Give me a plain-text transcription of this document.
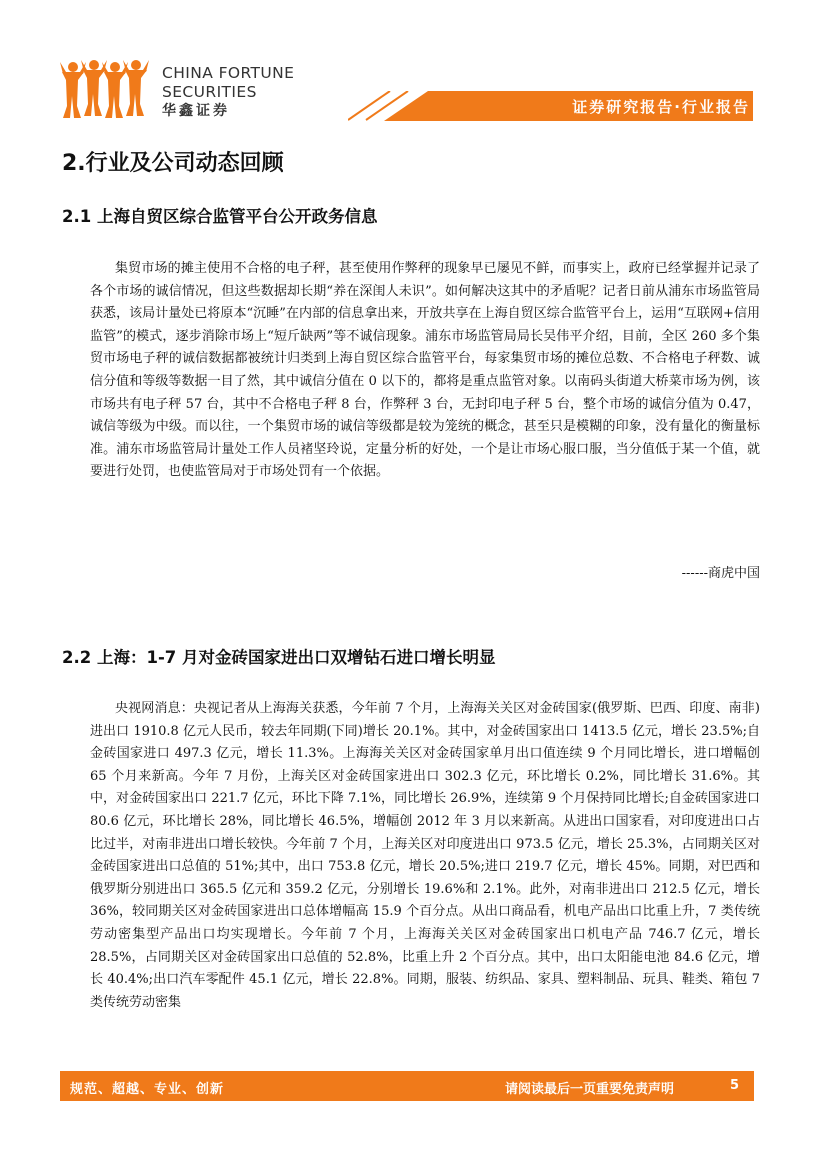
CHINA FORTUNE
SECURITIES
华鑫证券	证券研究报告·行业报告
2.行业及公司动态回顾
2.1 上海自贸区综合监管平台公开政务信息
集贸市场的摊主使用不合格的电子秤，甚至使用作弊秤的现象早已屡见不鲜，而事实上，政府已经掌握并记录了各个市场的诚信情况，但这些数据却长期“养在深闺人未识”。如何解决这其中的矛盾呢？记者日前从浦东市场监管局获悉，该局计量处已将原本“沉睡”在内部的信息拿出来，开放共享在上海自贸区综合监管平台上，运用“互联网+信用监管”的模式，逐步消除市场上“短斤缺两”等不诚信现象。浦东市场监管局局长吴伟平介绍，目前，全区 260 多个集贸市场电子秤的诚信数据都被统计归类到上海自贸区综合监管平台，每家集贸市场的摊位总数、不合格电子秤数、诚信分值和等级等数据一目了然，其中诚信分值在 0 以下的，都将是重点监管对象。以南码头街道大桥菜市场为例，该市场共有电子秤 57 台，其中不合格电子秤 8 台，作弊秤 3 台，无封印电子秤 5 台，整个市场的诚信分值为 0.47，诚信等级为中级。而以往，一个集贸市场的诚信等级都是较为笼统的概念，甚至只是模糊的印象，没有量化的衡量标准。浦东市场监管局计量处工作人员褚坚玲说，定量分析的好处，一个是让市场心服口服，当分值低于某一个值，就要进行处罚，也使监管局对于市场处罚有一个依据。
------商虎中国
2.2 上海：1-7 月对金砖国家进出口双增钻石进口增长明显
央视网消息：央视记者从上海海关获悉，今年前 7 个月，上海海关关区对金砖国家(俄罗斯、巴西、印度、南非)进出口 1910.8 亿元人民币，较去年同期(下同)增长 20.1%。其中，对金砖国家出口 1413.5 亿元，增长 23.5%;自金砖国家进口 497.3 亿元，增长 11.3%。上海海关关区对金砖国家单月出口值连续 9 个月同比增长，进口增幅创 65 个月来新高。今年 7 月份，上海关区对金砖国家进出口 302.3 亿元，环比增长 0.2%，同比增长 31.6%。其中，对金砖国家出口 221.7 亿元，环比下降 7.1%，同比增长 26.9%，连续第 9 个月保持同比增长;自金砖国家进口 80.6 亿元，环比增长 28%，同比增长 46.5%，增幅创 2012 年 3 月以来新高。从进出口国家看，对印度进出口占比过半，对南非进出口增长较快。今年前 7 个月，上海关区对印度进出口 973.5 亿元，增长 25.3%，占同期关区对金砖国家进出口总值的 51%;其中，出口 753.8 亿元，增长 20.5%;进口 219.7 亿元，增长 45%。同期，对巴西和俄罗斯分别进出口 365.5 亿元和 359.2 亿元，分别增长 19.6%和 2.1%。此外，对南非进出口 212.5 亿元，增长 36%，较同期关区对金砖国家进出口总体增幅高 15.9 个百分点。从出口商品看，机电产品出口比重上升，7 类传统劳动密集型产品出口均实现增长。今年前 7 个月，上海海关关区对金砖国家出口机电产品 746.7 亿元，增长 28.5%，占同期关区对金砖国家出口总值的 52.8%，比重上升 2 个百分点。其中，出口太阳能电池 84.6 亿元，增长 40.4%;出口汽车零配件 45.1 亿元，增长 22.8%。同期，服装、纺织品、家具、塑料制品、玩具、鞋类、箱包 7 类传统劳动密集
规范、超越、专业、创新	请阅读最后一页重要免责声明	5
